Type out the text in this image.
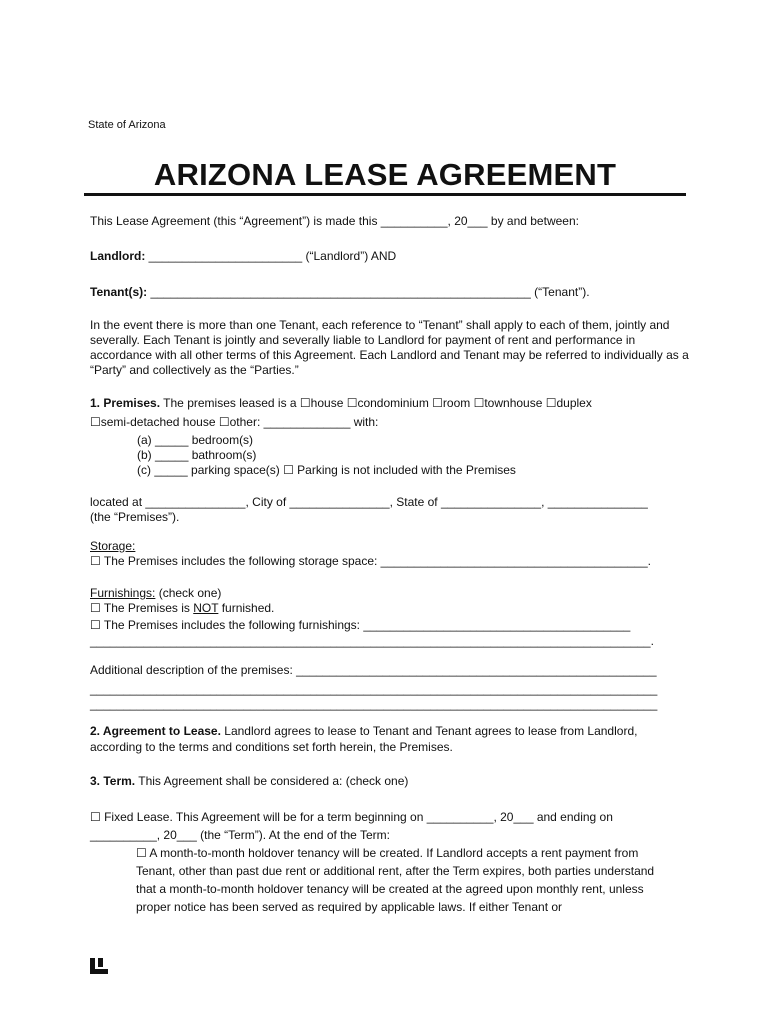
State of Arizona
ARIZONA LEASE AGREEMENT
This Lease Agreement (this “Agreement”) is made this __________, 20___ by and between:
Landlord: _______________________ (“Landlord”) AND
Tenant(s): _________________________________________________________ (“Tenant”).
In the event there is more than one Tenant, each reference to “Tenant” shall apply to each of them, jointly and severally. Each Tenant is jointly and severally liable to Landlord for payment of rent and performance in accordance with all other terms of this Agreement. Each Landlord and Tenant may be referred to individually as a “Party” and collectively as the “Parties.”
1. Premises. The premises leased is a ☐house ☐condominium ☐room ☐townhouse ☐duplex
☐semi-detached house ☐other: _____________ with:
(a) _____ bedroom(s)
(b) _____ bathroom(s)
(c) _____ parking space(s) ☐ Parking is not included with the Premises
located at _______________, City of _______________, State of _______________, _______________
(the “Premises”).
Storage:
☐ The Premises includes the following storage space: ________________________________________.
Furnishings: (check one)
☐ The Premises is NOT furnished.
☐ The Premises includes the following furnishings: ________________________________________
____________________________________________________________________________________.
Additional description of the premises: ______________________________________________________
_____________________________________________________________________________________
_____________________________________________________________________________________
2. Agreement to Lease. Landlord agrees to lease to Tenant and Tenant agrees to lease from Landlord, according to the terms and conditions set forth herein, the Premises.
3. Term. This Agreement shall be considered a: (check one)
☐ Fixed Lease. This Agreement will be for a term beginning on __________, 20___ and ending on
__________, 20___ (the “Term”). At the end of the Term:
☐ A month-to-month holdover tenancy will be created. If Landlord accepts a rent payment from Tenant, other than past due rent or additional rent, after the Term expires, both parties understand that a month-to-month holdover tenancy will be created at the agreed upon monthly rent, unless proper notice has been served as required by applicable laws. If either Tenant or
